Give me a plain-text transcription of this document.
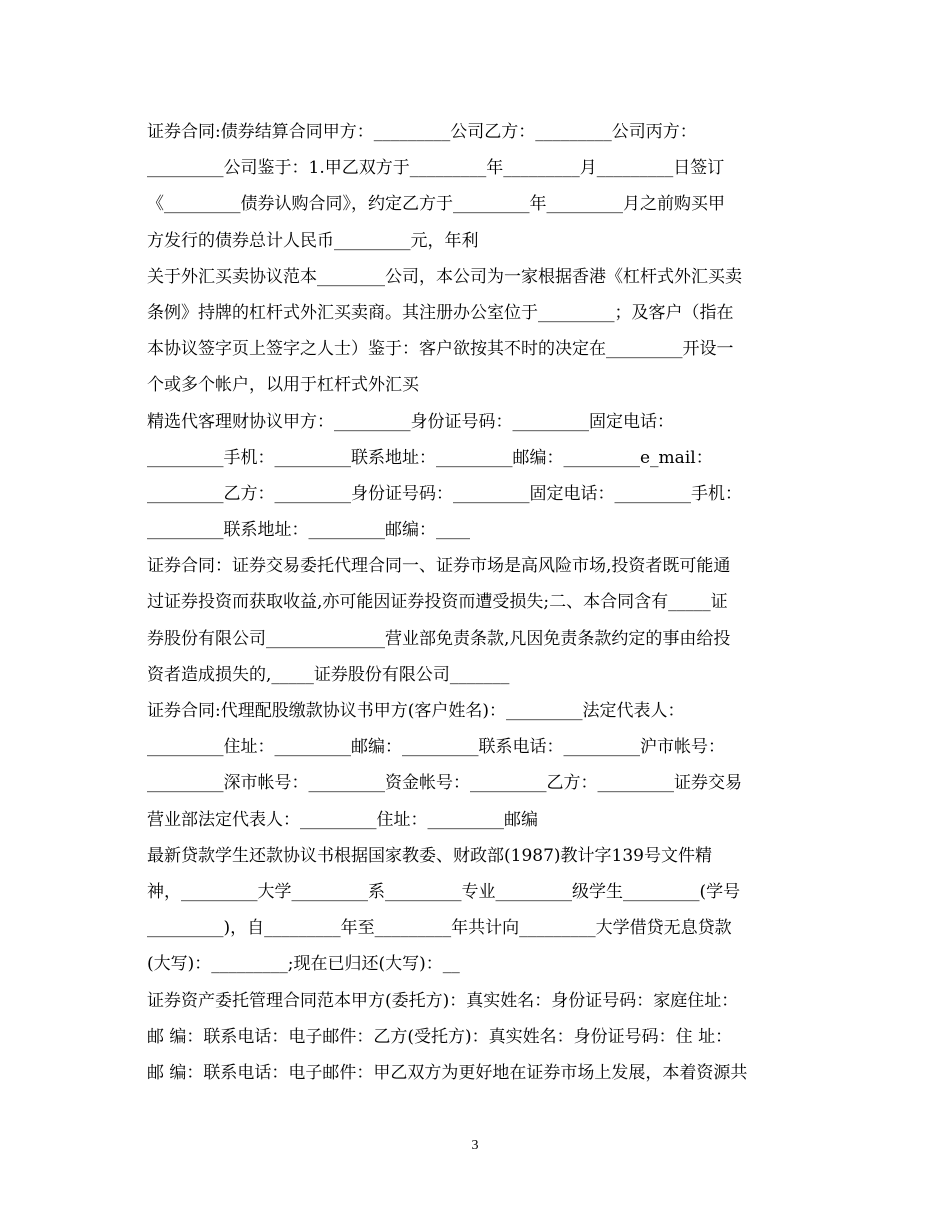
证券合同:债券结算合同甲方：_________公司乙方：_________公司丙方：
_________公司鉴于：1.甲乙双方于_________年_________月_________日签订
《_________债券认购合同》，约定乙方于_________年_________月之前购买甲
方发行的债券总计人民币_________元，年利
关于外汇买卖协议范本________公司，本公司为一家根据香港《杠杆式外汇买卖
条例》持牌的杠杆式外汇买卖商。其注册办公室位于_________；及客户（指在
本协议签字页上签字之人士）鉴于：客户欲按其不时的决定在_________开设一
个或多个帐户，以用于杠杆式外汇买
精选代客理财协议甲方：_________身份证号码：_________固定电话：
_________手机：_________联系地址：_________邮编：_________e_mail：
_________乙方：_________身份证号码：_________固定电话：_________手机：
_________联系地址：_________邮编：____
证券合同：证券交易委托代理合同一、证券市场是高风险市场,投资者既可能通
过证券投资而获取收益,亦可能因证券投资而遭受损失;二、本合同含有_____证
券股份有限公司______________营业部免责条款,凡因免责条款约定的事由给投
资者造成损失的,_____证券股份有限公司_______
证券合同:代理配股缴款协议书甲方(客户姓名)：_________法定代表人：
_________住址：_________邮编：_________联系电话：_________沪市帐号：
_________深市帐号：_________资金帐号：_________乙方：_________证券交易
营业部法定代表人：_________住址：_________邮编
最新贷款学生还款协议书根据国家教委、财政部(1987)教计字139号文件精
神，_________大学_________系_________专业_________级学生_________(学号
_________)，自_________年至_________年共计向_________大学借贷无息贷款
(大写)：_________;现在已归还(大写)：__
证券资产委托管理合同范本甲方(委托方)：真实姓名：身份证号码：家庭住址：
邮 编：联系电话：电子邮件：乙方(受托方)：真实姓名：身份证号码：住 址：
邮 编：联系电话：电子邮件：甲乙双方为更好地在证券市场上发展，本着资源共
3
